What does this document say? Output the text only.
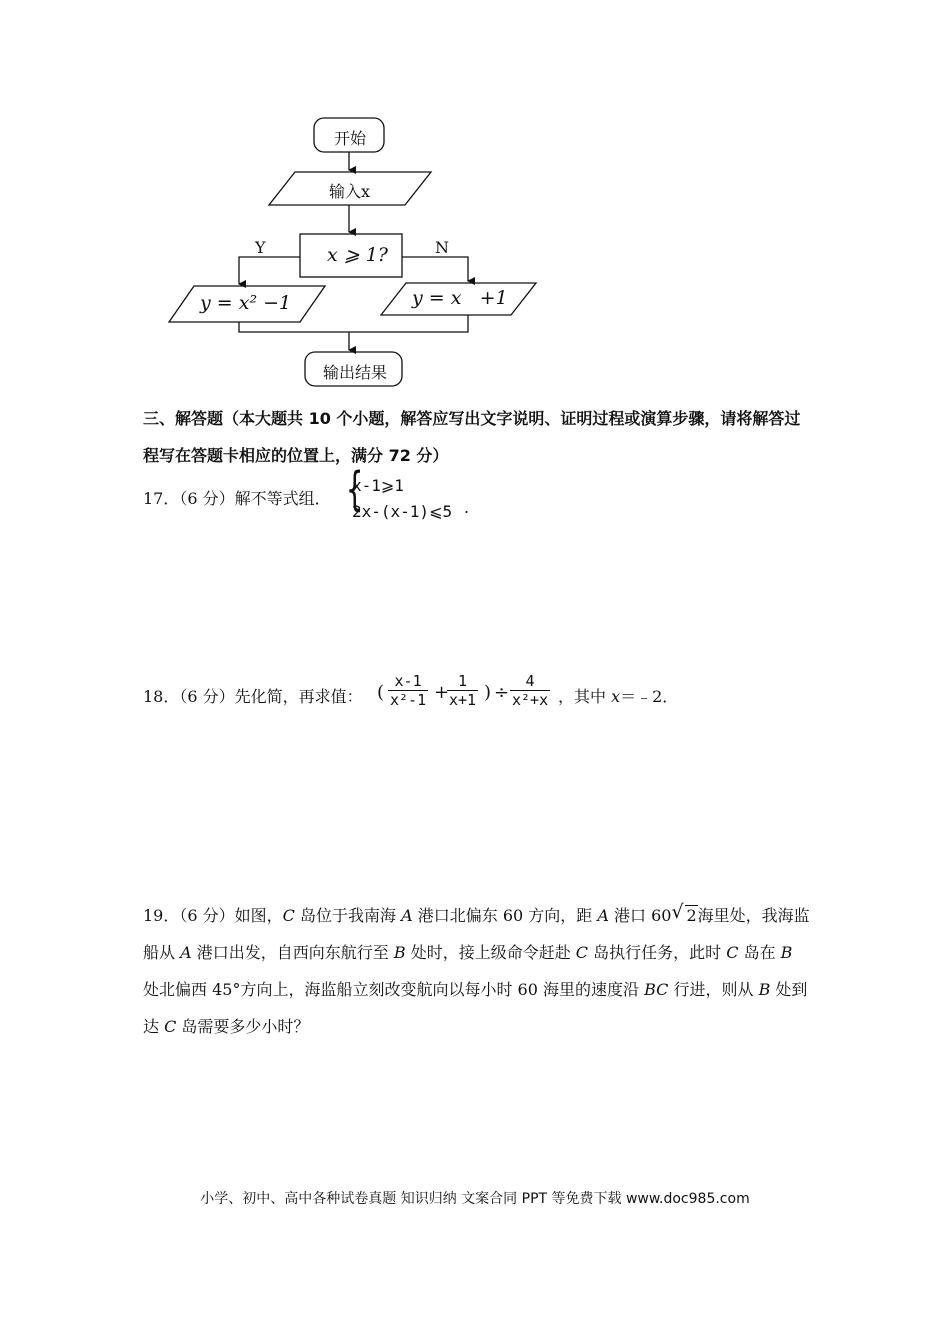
开始
输入x
x ⩾ 1?
Y	N
y = x² −1	y = x   +1
输出结果

三、解答题（本大题共 10 个小题，解答应写出文字说明、证明过程或演算步骤，请将解答过程写在答题卡相应的位置上，满分 72 分）

17．（6 分）解不等式组． {
x-1⩾1
2x-(x-1)⩽5 .
18．（6 分）先化简，再求值： ( $\frac{x-1}{\text{x²-1}}$ +
$\frac{1}{x+1}$ ) ÷ $\frac{4}{\text{x²+x}}$ ，其中 x＝﹣2．

19．（6 分）如图，C 岛位于我南海 A 港口北偏东 60 方向，距 A 港口 60√ 2海里处，我海监船从 A 港口出发，自西向东航行至 B 处时，接上级命令赶赴 C 岛执行任务，此时 C 岛在 B 处北偏西 45°方向上，海监船立刻改变航向以每小时 60 海里的速度沿 BC 行进，则从 B 处到达 C 岛需要多少小时？

小学、初中、高中各种试卷真题 知识归纳 文案合同 PPT 等免费下载 www.doc985.com
